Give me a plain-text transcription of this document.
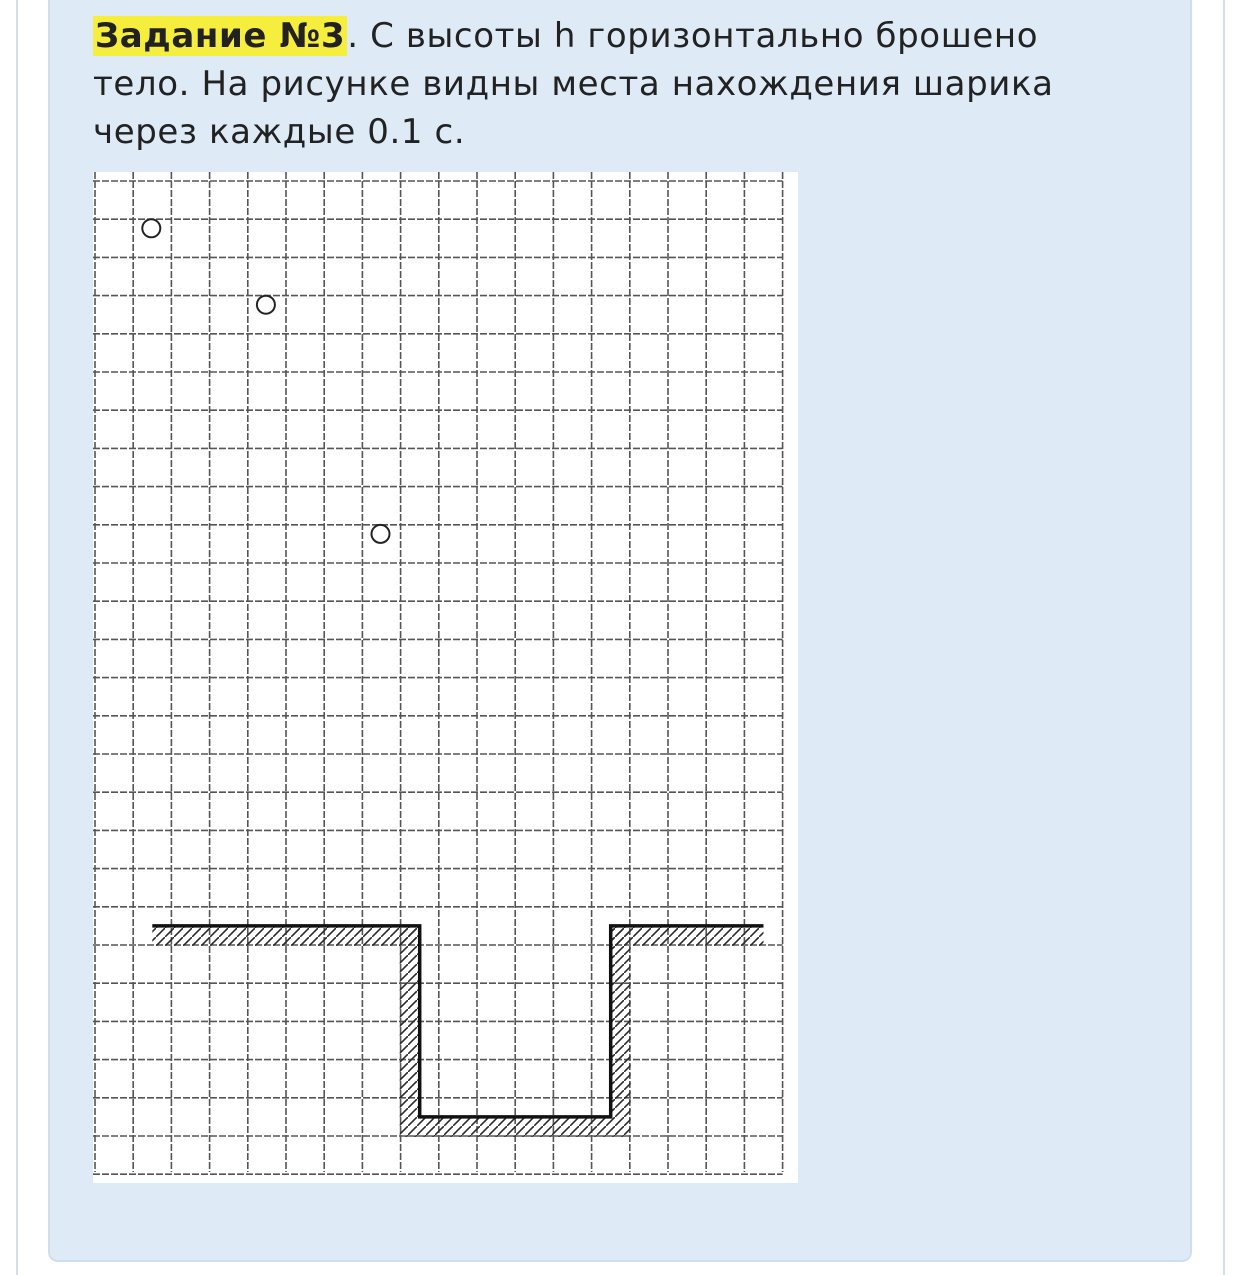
Задание №3. С высоты h горизонтально брошено тело. На рисунке видны места нахождения шарика через каждые 0.1 с.
